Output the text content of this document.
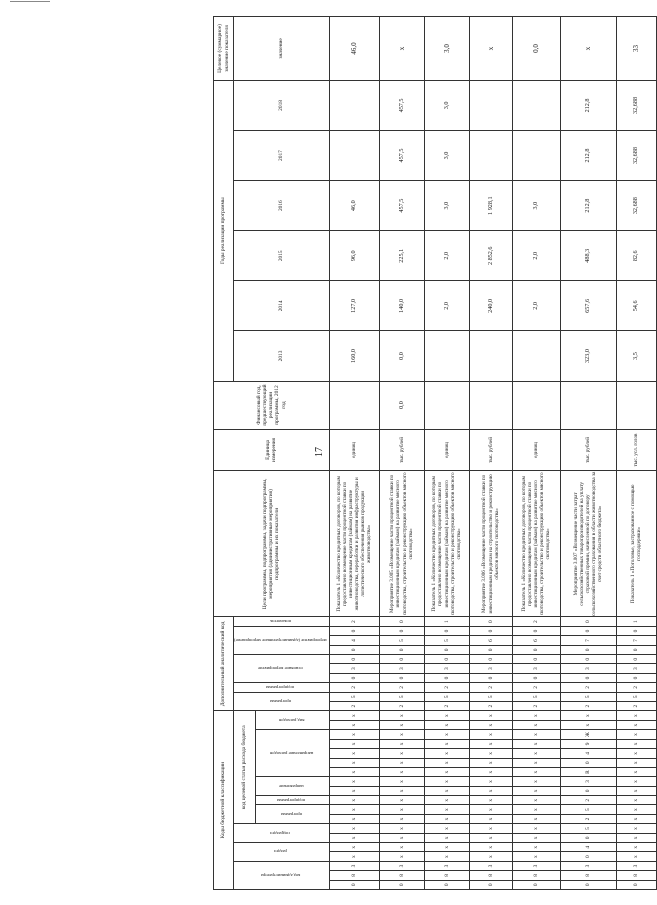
17
Коды бюджетной классификации																			Дополнительный аналитический код										Цели программы, подпрограммы, задачи подпрограммы, мероприятия (административные мероприятия) подпрограммы и их показатели	Единица измерения	Финансовый год, предшествующий реализации программы, 2012 год	Годы реализации программы						Целевое (суммарное) значение показателя
код администратора			раздел		подраздел		код целевой статьи расхода бюджета												программа		подпрограмма	основное мероприятие			мероприятие (административное мероприятие)			показатель				2013	2014	2015	2016	2017	2018	значение
							программа		подпрограмма	направление		направление расходов					вид расходов																					
0	8	3	х	х	х	х	х	х	х	х	х	х	х	х	х	х	х	х	2	5	2	0	3	0	0	4	0	2	Показатель 1 «Количество кредитных договоров, по которым предоставлено возмещение части процентной ставки по инвестиционным кредитам (займам) на развитие животноводства, переработки и развития инфраструктуры и логистического обеспечения рынков продукции животноводства»	единиц		160,0	127,0	96,0	46,0			46,0
0	8	3	х	х	х	х	х	х	х	х	х	х	х	х	х	х	х	х	2	5	2	0	3	0	0	5	0	0	Мероприятие 3.005 «Возмещение части процентной ставки по инвестиционным кредитам (займам) на развитие мясного скотоводства, строительство и реконструкцию объектов мясного скотоводства»	тыс. рублей	0,0	0,0	140,0	225,1	457,5	457,5	457,5	х
0	8	3	х	х	х	х	х	х	х	х	х	х	х	х	х	х	х	х	2	5	2	0	3	0	0	5	0	1	Показатель 1 «Количество кредитных договоров, по которым предоставлено возмещение части процентной ставки по инвестиционным кредитам (займам) на развитие мясного скотоводства, строительство и реконструкцию объектов мясного скотоводства»	единиц			2,0	2,0	3,0	3,0	3,0	3,0
0	8	3	х	х	х	х	х	х	х	х	х	х	х	х	х	х	х	х	2	5	2	0	3	0	0	6	0	0	Мероприятие 3.006 «Возмещение части процентной ставки по инвестиционным кредитам на строительство и реконструкцию объектов мясного скотоводства»	тыс. рублей			240,0	2 852,6	1 928,1			х
0	8	3	х	х	х	х	х	х	х	х	х	х	х	х	х	х	х	х	2	5	2	0	3	0	0	6	0	2	Показатель 1 «Количество кредитных договоров, по которым предоставлено возмещение части процентной ставки по инвестиционным кредитам (займам) на развитие мясного скотоводства, строительство и реконструкцию объектов мясного скотоводства»	единиц			2,0	2,0	3,0			0,0
0	8	3	0	4	0	5	2	5	2	0	3	R	0	4	9	Ж	х	х	2	5	2	0	3	0	0	7	0	0	Мероприятие 3.007 «Возмещение части затрат сельскохозяйственных товаропроизводителей на уплату страховой премии, начисленной по договору сельскохозяйственного страхования в области животноводства за счет средств областного бюджета»	тыс. рублей		323,0	657,6	488,3	212,8	212,8	212,8	х
0	8	3	х	х	х	х	х	х	х	х	х	х	х	х	х	х	х	х	2	5	2	0	3	0	0	7	0	1	Показатель 1 «Поголовье, застрахованное с помощью господдержки»	тыс. усл. голов		3,5	54,6	82,6	32,688	32,688	32,688	33
